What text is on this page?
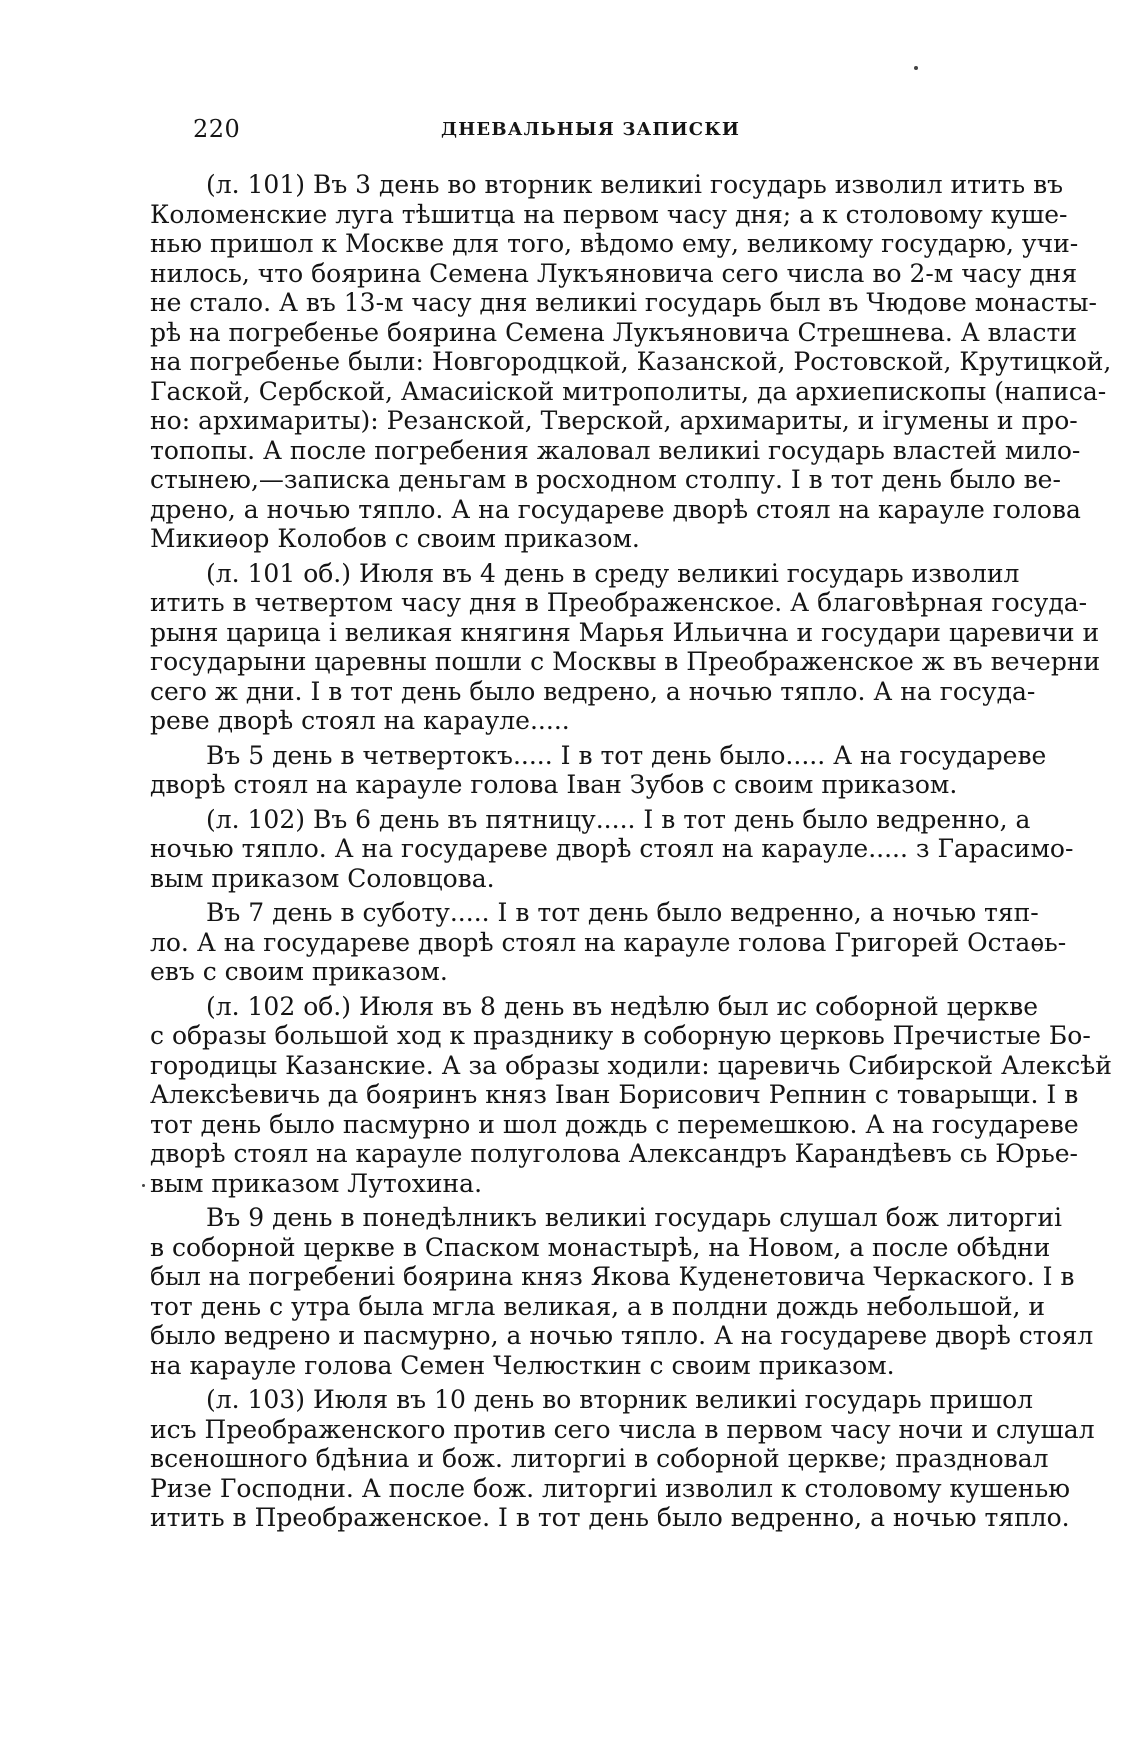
220	ДНЕВАЛЬНЫЯ ЗАПИСКИ
(л. 101) Въ 3 день во вторник великиі государь изволил итить въ
Коломенские луга тѣшитца на первом часу дня; а к столовому куше-
нью пришол к Москве для того, вѣдомо ему, великому государю, учи-
нилось, что боярина Семена Лукъяновича сего числа во 2-м часу дня
не стало. А въ 13-м часу дня великиі государь был въ Чюдове монасты-
рѣ на погребенье боярина Семена Лукъяновича Стрешнева. А власти
на погребенье были: Новгородцкой, Казанской, Ростовской, Крутицкой,
Гаской, Сербской, Амасиіской митрополиты, да архиепископы (написа-
но: архимариты): Резанской, Тверской, архимариты, и ігумены и про-
топопы. А после погребения жаловал великиі государь властей мило-
стынею,—записка деньгам в росходном столпу. І в тот день было ве-
дрено, а ночью тяпло. А на государеве дворѣ стоял на карауле голова
Микиѳор Колобов с своим приказом.
(л. 101 об.) Июля въ 4 день в среду великиі государь изволил
итить в четвертом часу дня в Преображенское. А благовѣрная госуда-
рыня царица і великая княгиня Марья Ильична и государи царевичи и
государыни царевны пошли с Москвы в Преображенское ж въ вечерни
сего ж дни. І в тот день было ведрено, а ночью тяпло. А на госуда-
реве дворѣ стоял на карауле.....
Въ 5 день в четвертокъ..... І в тот день было..... А на государеве
дворѣ стоял на карауле голова Іван Зубов с своим приказом.
(л. 102) Въ 6 день въ пятницу..... І в тот день было ведренно, а
ночью тяпло. А на государеве дворѣ стоял на карауле..... з Гарасимо-
вым приказом Соловцова.
Въ 7 день в суботу..... І в тот день было ведренно, а ночью тяп-
ло. А на государеве дворѣ стоял на карауле голова Григорей Остаѳь-
евъ с своим приказом.
(л. 102 об.) Июля въ 8 день въ недѣлю был ис соборной церкве
с образы большой ход к празднику в соборную церковь Пречистые Бо-
городицы Казанские. А за образы ходили: царевичь Сибирской Алексѣй
Алексѣевичь да бояринъ княз Іван Борисович Репнин с товарыщи. І в
тот день было пасмурно и шол дождь с перемешкою. А на государеве
дворѣ стоял на карауле полуголова Александръ Карандѣевъ сь Юрье-
вым приказом Лутохина.
Въ 9 день в понедѣлникъ великиі государь слушал бож литоргиі
в соборной церкве в Спаском монастырѣ, на Новом, а после обѣдни
был на погребениі боярина княз Якова Куденетовича Черкаского. І в
тот день с утра была мгла великая, а в полдни дождь небольшой, и
было ведрено и пасмурно, а ночью тяпло. А на государеве дворѣ стоял
на карауле голова Семен Челюсткин с своим приказом.
(л. 103) Июля въ 10 день во вторник великиі государь пришол
исъ Преображенского против сего числа в первом часу ночи и слушал
всеношного бдѣниа и бож. литоргиі в соборной церкве; праздновал
Ризе Господни. А после бож. литоргиі изволил к столовому кушенью
итить в Преображенское. І в тот день было ведренно, а ночью тяпло.
